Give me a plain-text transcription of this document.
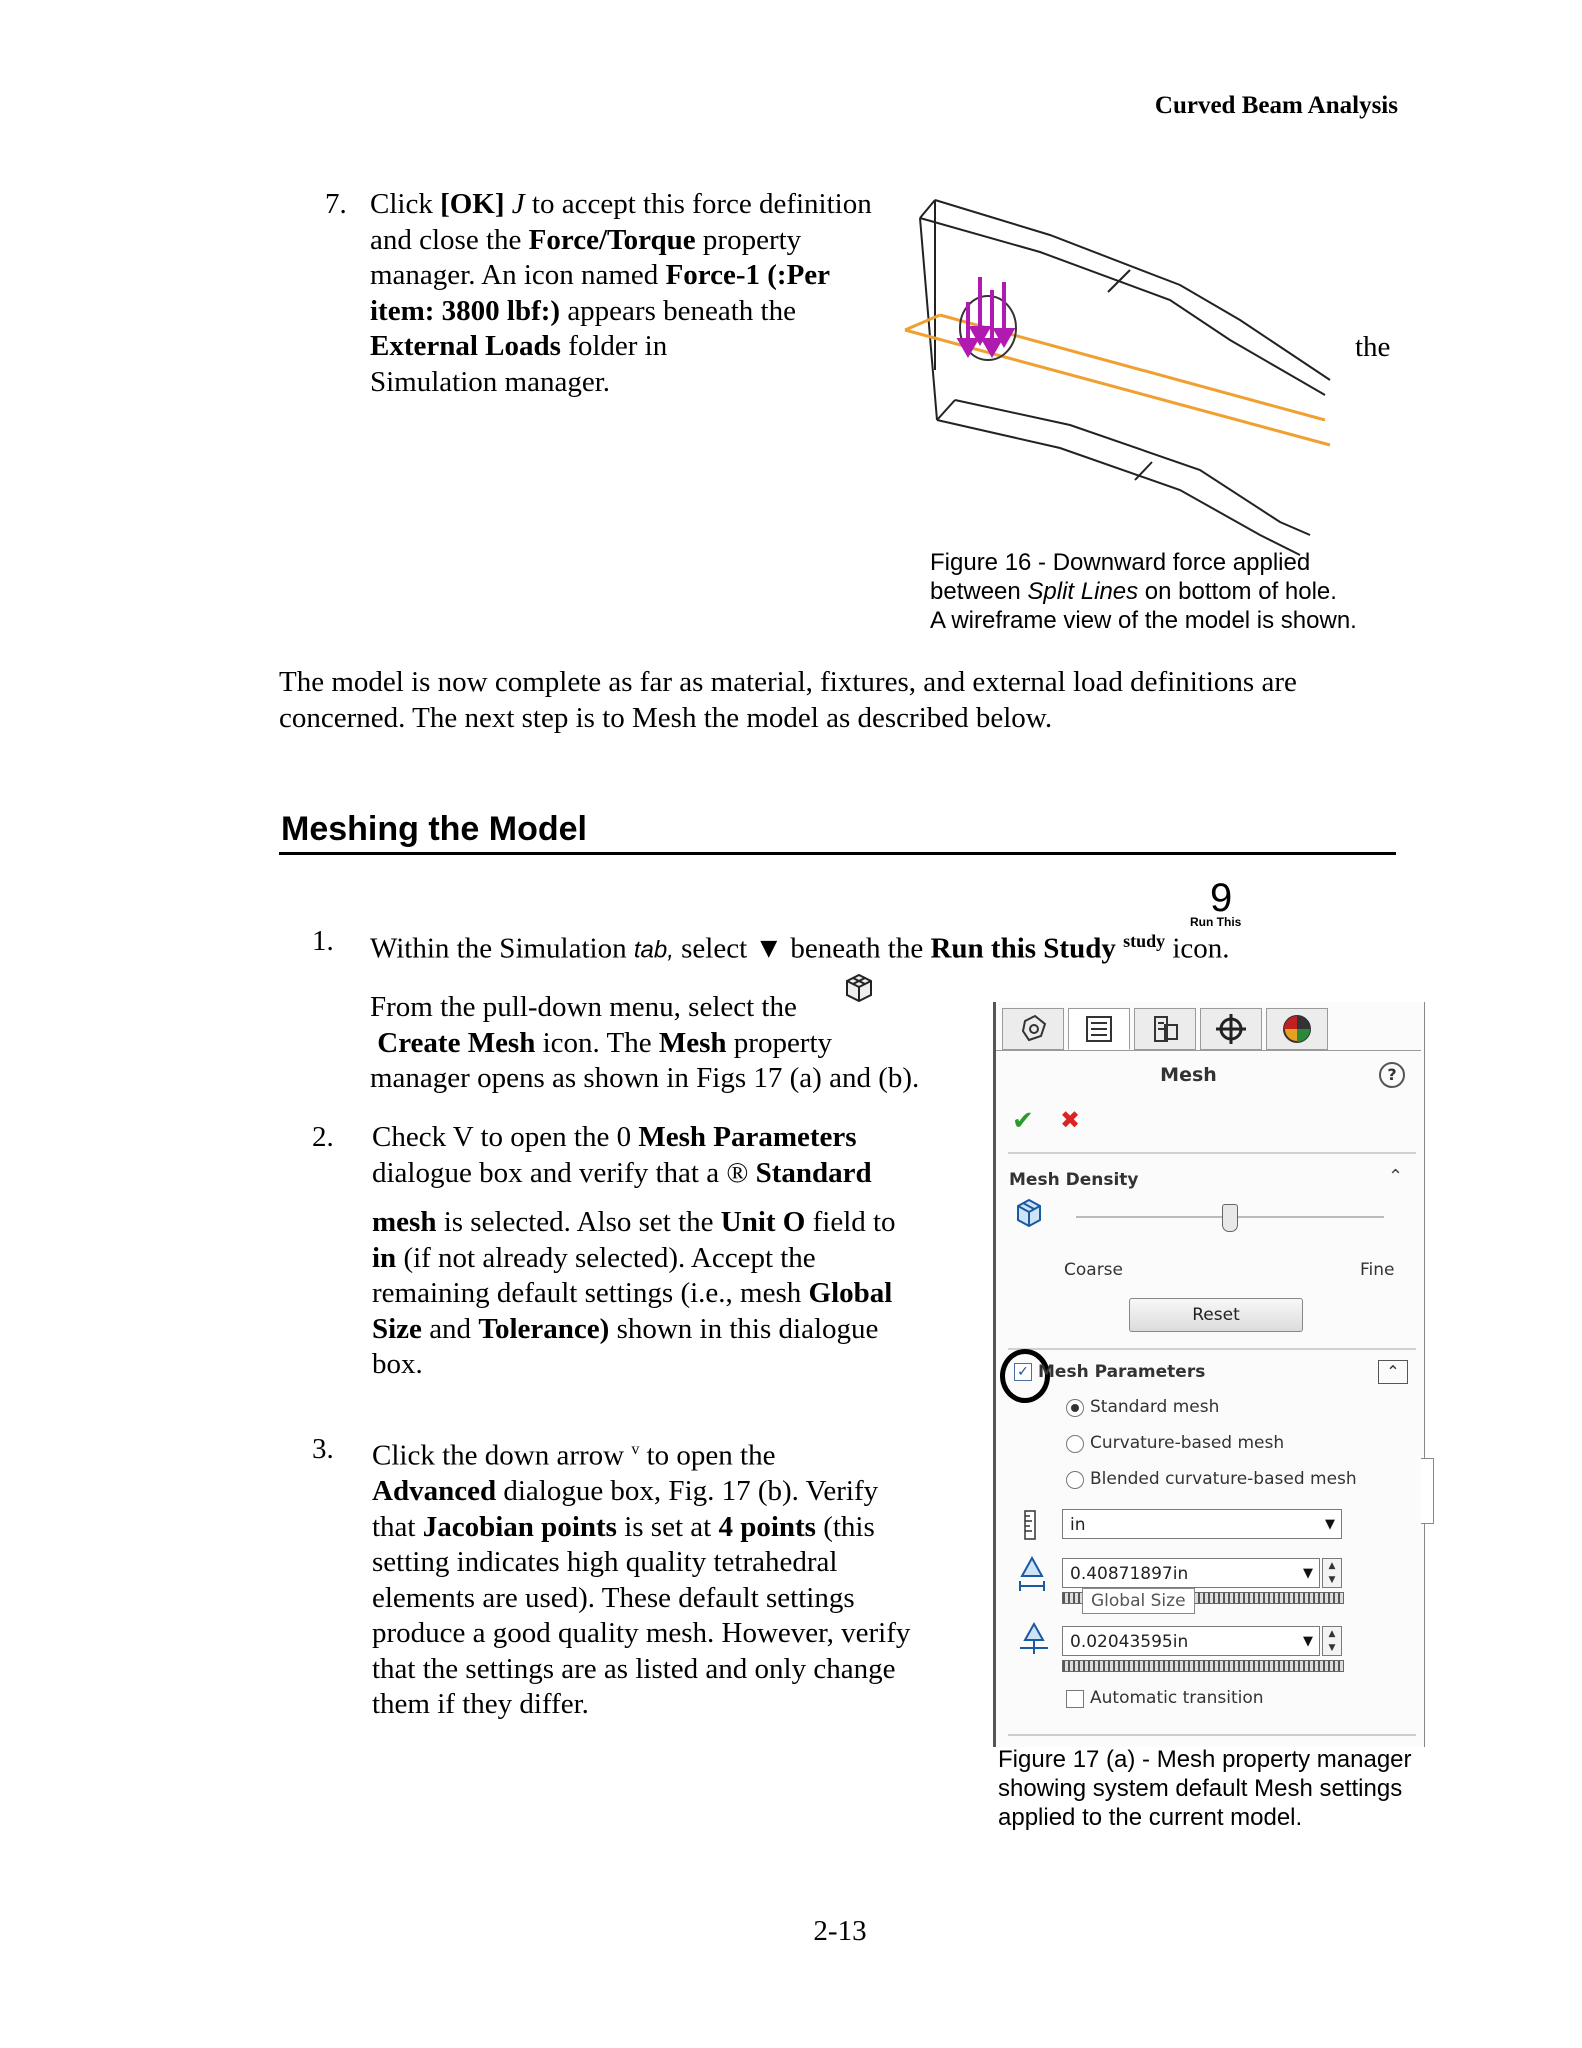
Curved Beam Analysis
7. Click [OK] J to accept this force definition and close the Force/Torque property manager. An icon named Force-1 (:Per item: 3800 lbf:) appears beneath the External Loads folder in
Simulation manager.
the
Figure 16 - Downward force applied
between Split Lines on bottom of hole.
A wireframe view of the model is shown.
The model is now complete as far as material, fixtures, and external load definitions are
concerned. The next step is to Mesh the model as described below.
Meshing the Model
9
Run This
1. Within the Simulation tab, select ▼ beneath the Run this Study $^{study}$ icon.
From the pull-down menu, select the
Create Mesh icon. The Mesh property
manager opens as shown in Figs 17 (a) and (b).
2. Check V to open the 0 Mesh Parameters
dialogue box and verify that a ® Standard
mesh is selected. Also set the Unit O field to
in (if not already selected). Accept the
remaining default settings (i.e., mesh Global
Size and Tolerance) shown in this dialogue
box.
3. Click the down arrow $^v$ to open the
Advanced dialogue box, Fig. 17 (b). Verify
that Jacobian points is set at 4 points (this
setting indicates high quality tetrahedral
elements are used). These default settings
produce a good quality mesh. However, verify
that the settings are as listed and only change
them if they differ.
Mesh	?
✔ ✖
Mesh Density	⌃
Coarse	Fine
Reset
✓ Mesh Parameters	⌃
Standard mesh
Curvature-based mesh
Blended curvature-based mesh
in	▼
0.40871897in	▼	▲
▼
Global Size
0.02043595in	▼	▲
▼
Automatic transition
Figure 17 (a) - Mesh property manager showing system default Mesh settings applied to the current model.
2-13
